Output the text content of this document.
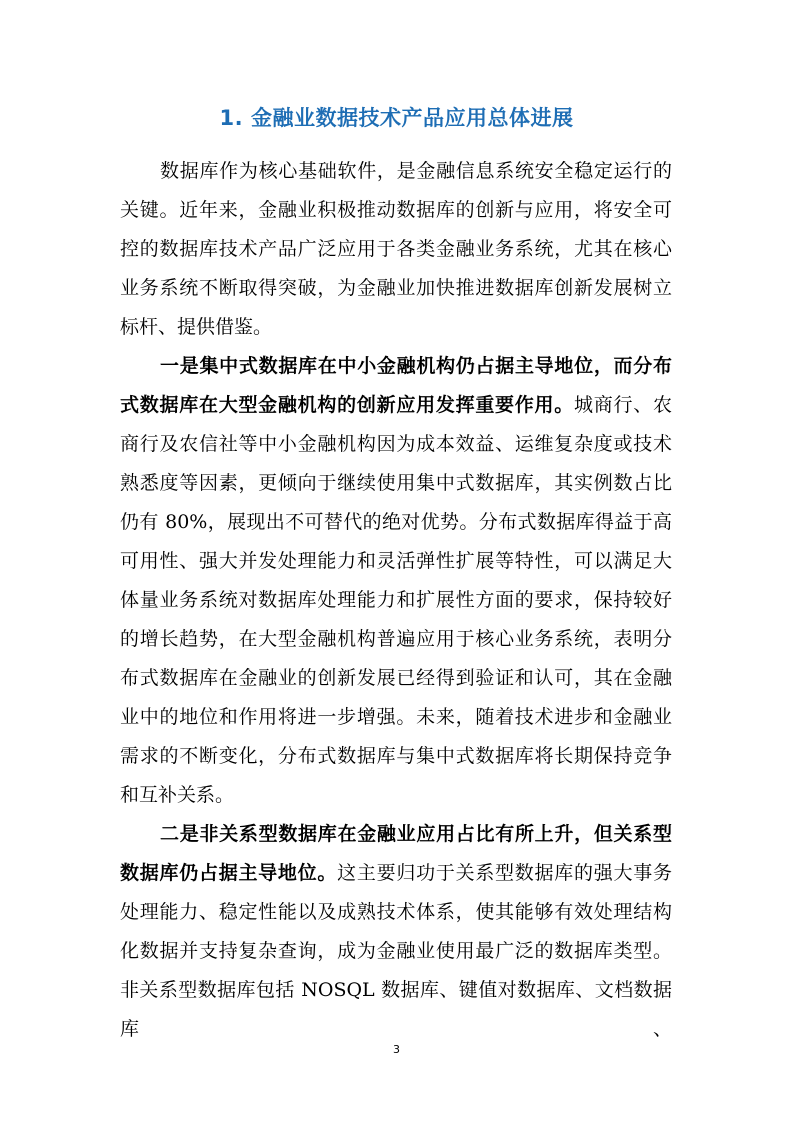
1. 金融业数据技术产品应用总体进展
数据库作为核心基础软件，是金融信息系统安全稳定运行的
关键。近年来，金融业积极推动数据库的创新与应用，将安全可
控的数据库技术产品广泛应用于各类金融业务系统，尤其在核心
业务系统不断取得突破，为金融业加快推进数据库创新发展树立
标杆、提供借鉴。
一是集中式数据库在中小金融机构仍占据主导地位，而分布
式数据库在大型金融机构的创新应用发挥重要作用。城商行、农
商行及农信社等中小金融机构因为成本效益、运维复杂度或技术
熟悉度等因素，更倾向于继续使用集中式数据库，其实例数占比
仍有 80%，展现出不可替代的绝对优势。分布式数据库得益于高
可用性、强大并发处理能力和灵活弹性扩展等特性，可以满足大
体量业务系统对数据库处理能力和扩展性方面的要求，保持较好
的增长趋势，在大型金融机构普遍应用于核心业务系统，表明分
布式数据库在金融业的创新发展已经得到验证和认可，其在金融
业中的地位和作用将进一步增强。未来，随着技术进步和金融业
需求的不断变化，分布式数据库与集中式数据库将长期保持竞争
和互补关系。
二是非关系型数据库在金融业应用占比有所上升，但关系型
数据库仍占据主导地位。这主要归功于关系型数据库的强大事务
处理能力、稳定性能以及成熟技术体系，使其能够有效处理结构
化数据并支持复杂查询，成为金融业使用最广泛的数据库类型。
非关系型数据库包括 NOSQL 数据库、键值对数据库、文档数据库、
3
